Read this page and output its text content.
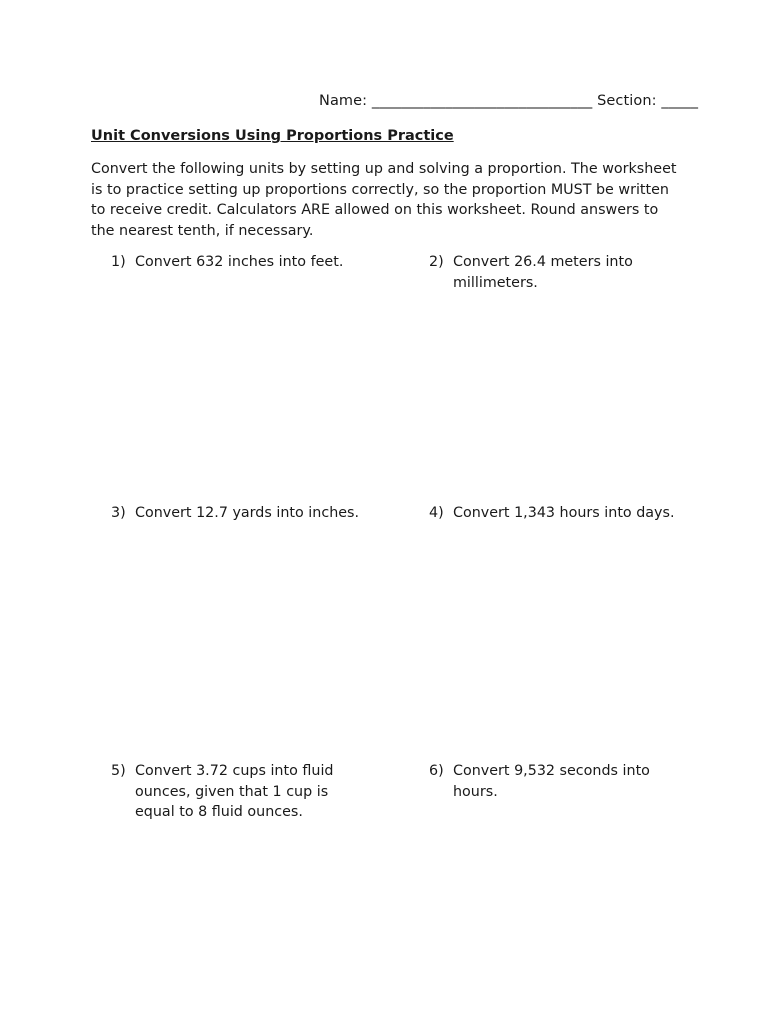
Name: ______________________________ Section: _____
Unit Conversions Using Proportions Practice
Convert the following units by setting up and solving a proportion. The worksheet is to practice setting up proportions correctly, so the proportion MUST be written to receive credit. Calculators ARE allowed on this worksheet. Round answers to the nearest tenth, if necessary.
1) Convert 632 inches into feet.	2) Convert 26.4 meters into millimeters.
3) Convert 12.7 yards into inches.	4) Convert 1,343 hours into days.
5) Convert 3.72 cups into fluid ounces, given that 1 cup is equal to 8 fluid ounces.
6) Convert 9,532 seconds into hours.
